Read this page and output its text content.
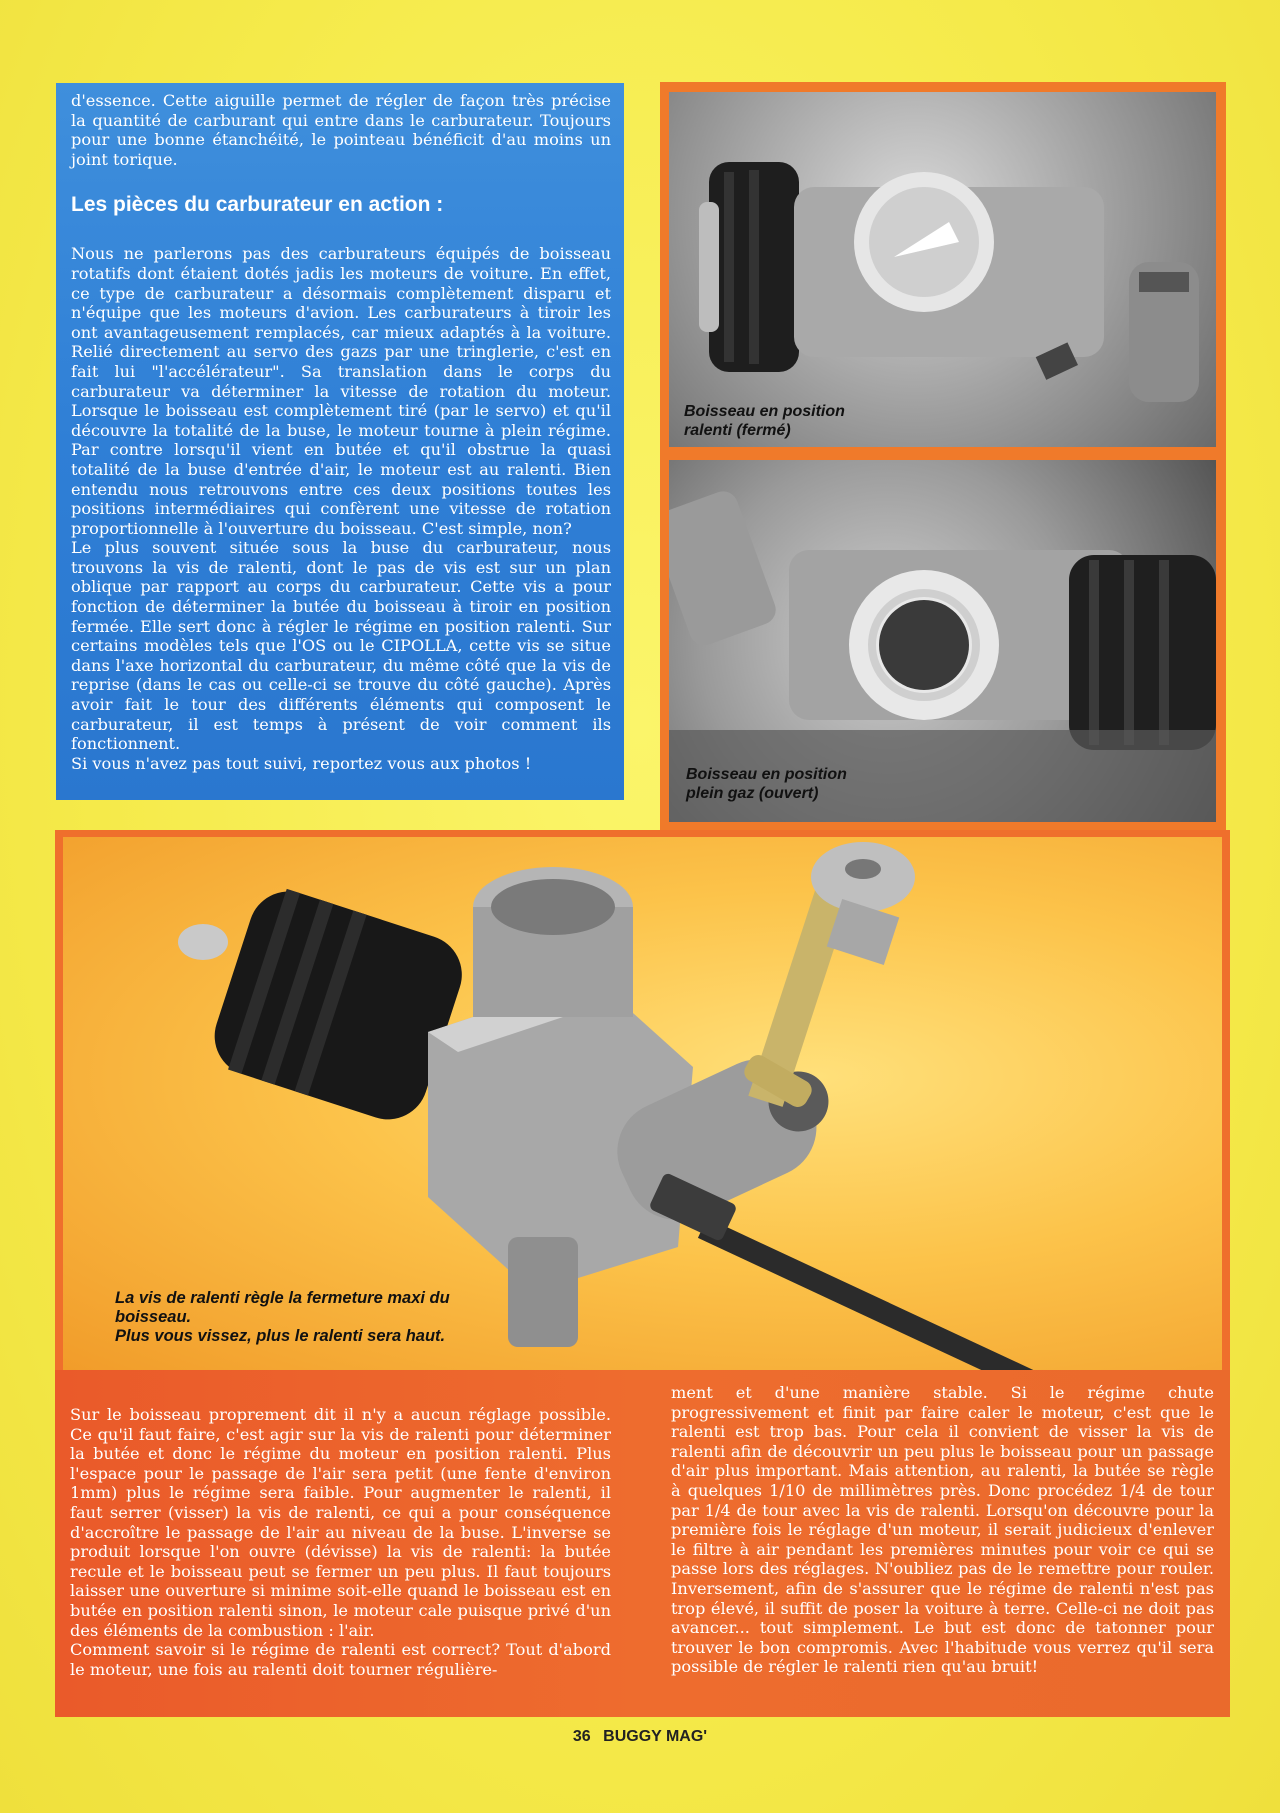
d'essence. Cette aiguille permet de régler de façon très précise la quantité de carburant qui entre dans le carburateur. Toujours pour une bonne étanchéité, le pointeau bénéficit d'au moins un joint torique.

Les pièces du carburateur en action :

Nous ne parlerons pas des carburateurs équipés de boisseau rotatifs dont étaient dotés jadis les moteurs de voiture. En effet, ce type de carburateur a désormais complètement disparu et n'équipe que les moteurs d'avion. Les carburateurs à tiroir les ont avantageusement remplacés, car mieux adaptés à la voiture. Relié directement au servo des gazs par une tringlerie, c'est en fait lui "l'accélérateur". Sa translation dans le corps du carburateur va déterminer la vitesse de rotation du moteur. Lorsque le boisseau est complètement tiré (par le servo) et qu'il découvre la totalité de la buse, le moteur tourne à plein régime. Par contre lorsqu'il vient en butée et qu'il obstrue la quasi totalité de la buse d'entrée d'air, le moteur est au ralenti. Bien entendu nous retrouvons entre ces deux positions toutes les positions intermédiaires qui confèrent une vitesse de rotation proportionnelle à l'ouverture du boisseau. C'est simple, non?

Le plus souvent située sous la buse du carburateur, nous trouvons la vis de ralenti, dont le pas de vis est sur un plan oblique par rapport au corps du carburateur. Cette vis a pour fonction de déterminer la butée du boisseau à tiroir en position fermée. Elle sert donc à régler le régime en position ralenti. Sur certains modèles tels que l'OS ou le CIPOLLA, cette vis se situe dans l'axe horizontal du carburateur, du même côté que la vis de reprise (dans le cas ou celle-ci se trouve du côté gauche). Après avoir fait le tour des différents éléments qui composent le carburateur, il est temps à présent de voir comment ils fonctionnent.

Si vous n'avez pas tout suivi, reportez vous aux photos !

Boisseau en position ralenti (fermé)
Boisseau en position plein gaz (ouvert)
La vis de ralenti règle la fermeture maxi du boisseau.
Plus vous vissez, plus le ralenti sera haut.

Sur le boisseau proprement dit il n'y a aucun réglage possible. Ce qu'il faut faire, c'est agir sur la vis de ralenti pour déterminer la butée et donc le régime du moteur en position ralenti. Plus l'espace pour le passage de l'air sera petit (une fente d'environ 1mm) plus le régime sera faible. Pour augmenter le ralenti, il faut serrer (visser) la vis de ralenti, ce qui a pour conséquence d'accroître le passage de l'air au niveau de la buse. L'inverse se produit lorsque l'on ouvre (dévisse) la vis de ralenti: la butée recule et le boisseau peut se fermer un peu plus. Il faut toujours laisser une ouverture si minime soit-elle quand le boisseau est en butée en position ralenti sinon, le moteur cale puisque privé d'un des éléments de la combustion : l'air.

Comment savoir si le régime de ralenti est correct? Tout d'abord le moteur, une fois au ralenti doit tourner régulière-

ment et d'une manière stable. Si le régime chute progressivement et finit par faire caler le moteur, c'est que le ralenti est trop bas. Pour cela il convient de visser la vis de ralenti afin de découvrir un peu plus le boisseau pour un passage d'air plus important. Mais attention, au ralenti, la butée se règle à quelques 1/10 de millimètres près. Donc procédez 1/4 de tour par 1/4 de tour avec la vis de ralenti. Lorsqu'on découvre pour la première fois le réglage d'un moteur, il serait judicieux d'enlever le filtre à air pendant les premières minutes pour voir ce qui se passe lors des réglages. N'oubliez pas de le remettre pour rouler. Inversement, afin de s'assurer que le régime de ralenti n'est pas trop élevé, il suffit de poser la voiture à terre. Celle-ci ne doit pas avancer... tout simplement. Le but est donc de tatonner pour trouver le bon compromis. Avec l'habitude vous verrez qu'il sera possible de régler le ralenti rien qu'au bruit!

36 BUGGY MAG'
